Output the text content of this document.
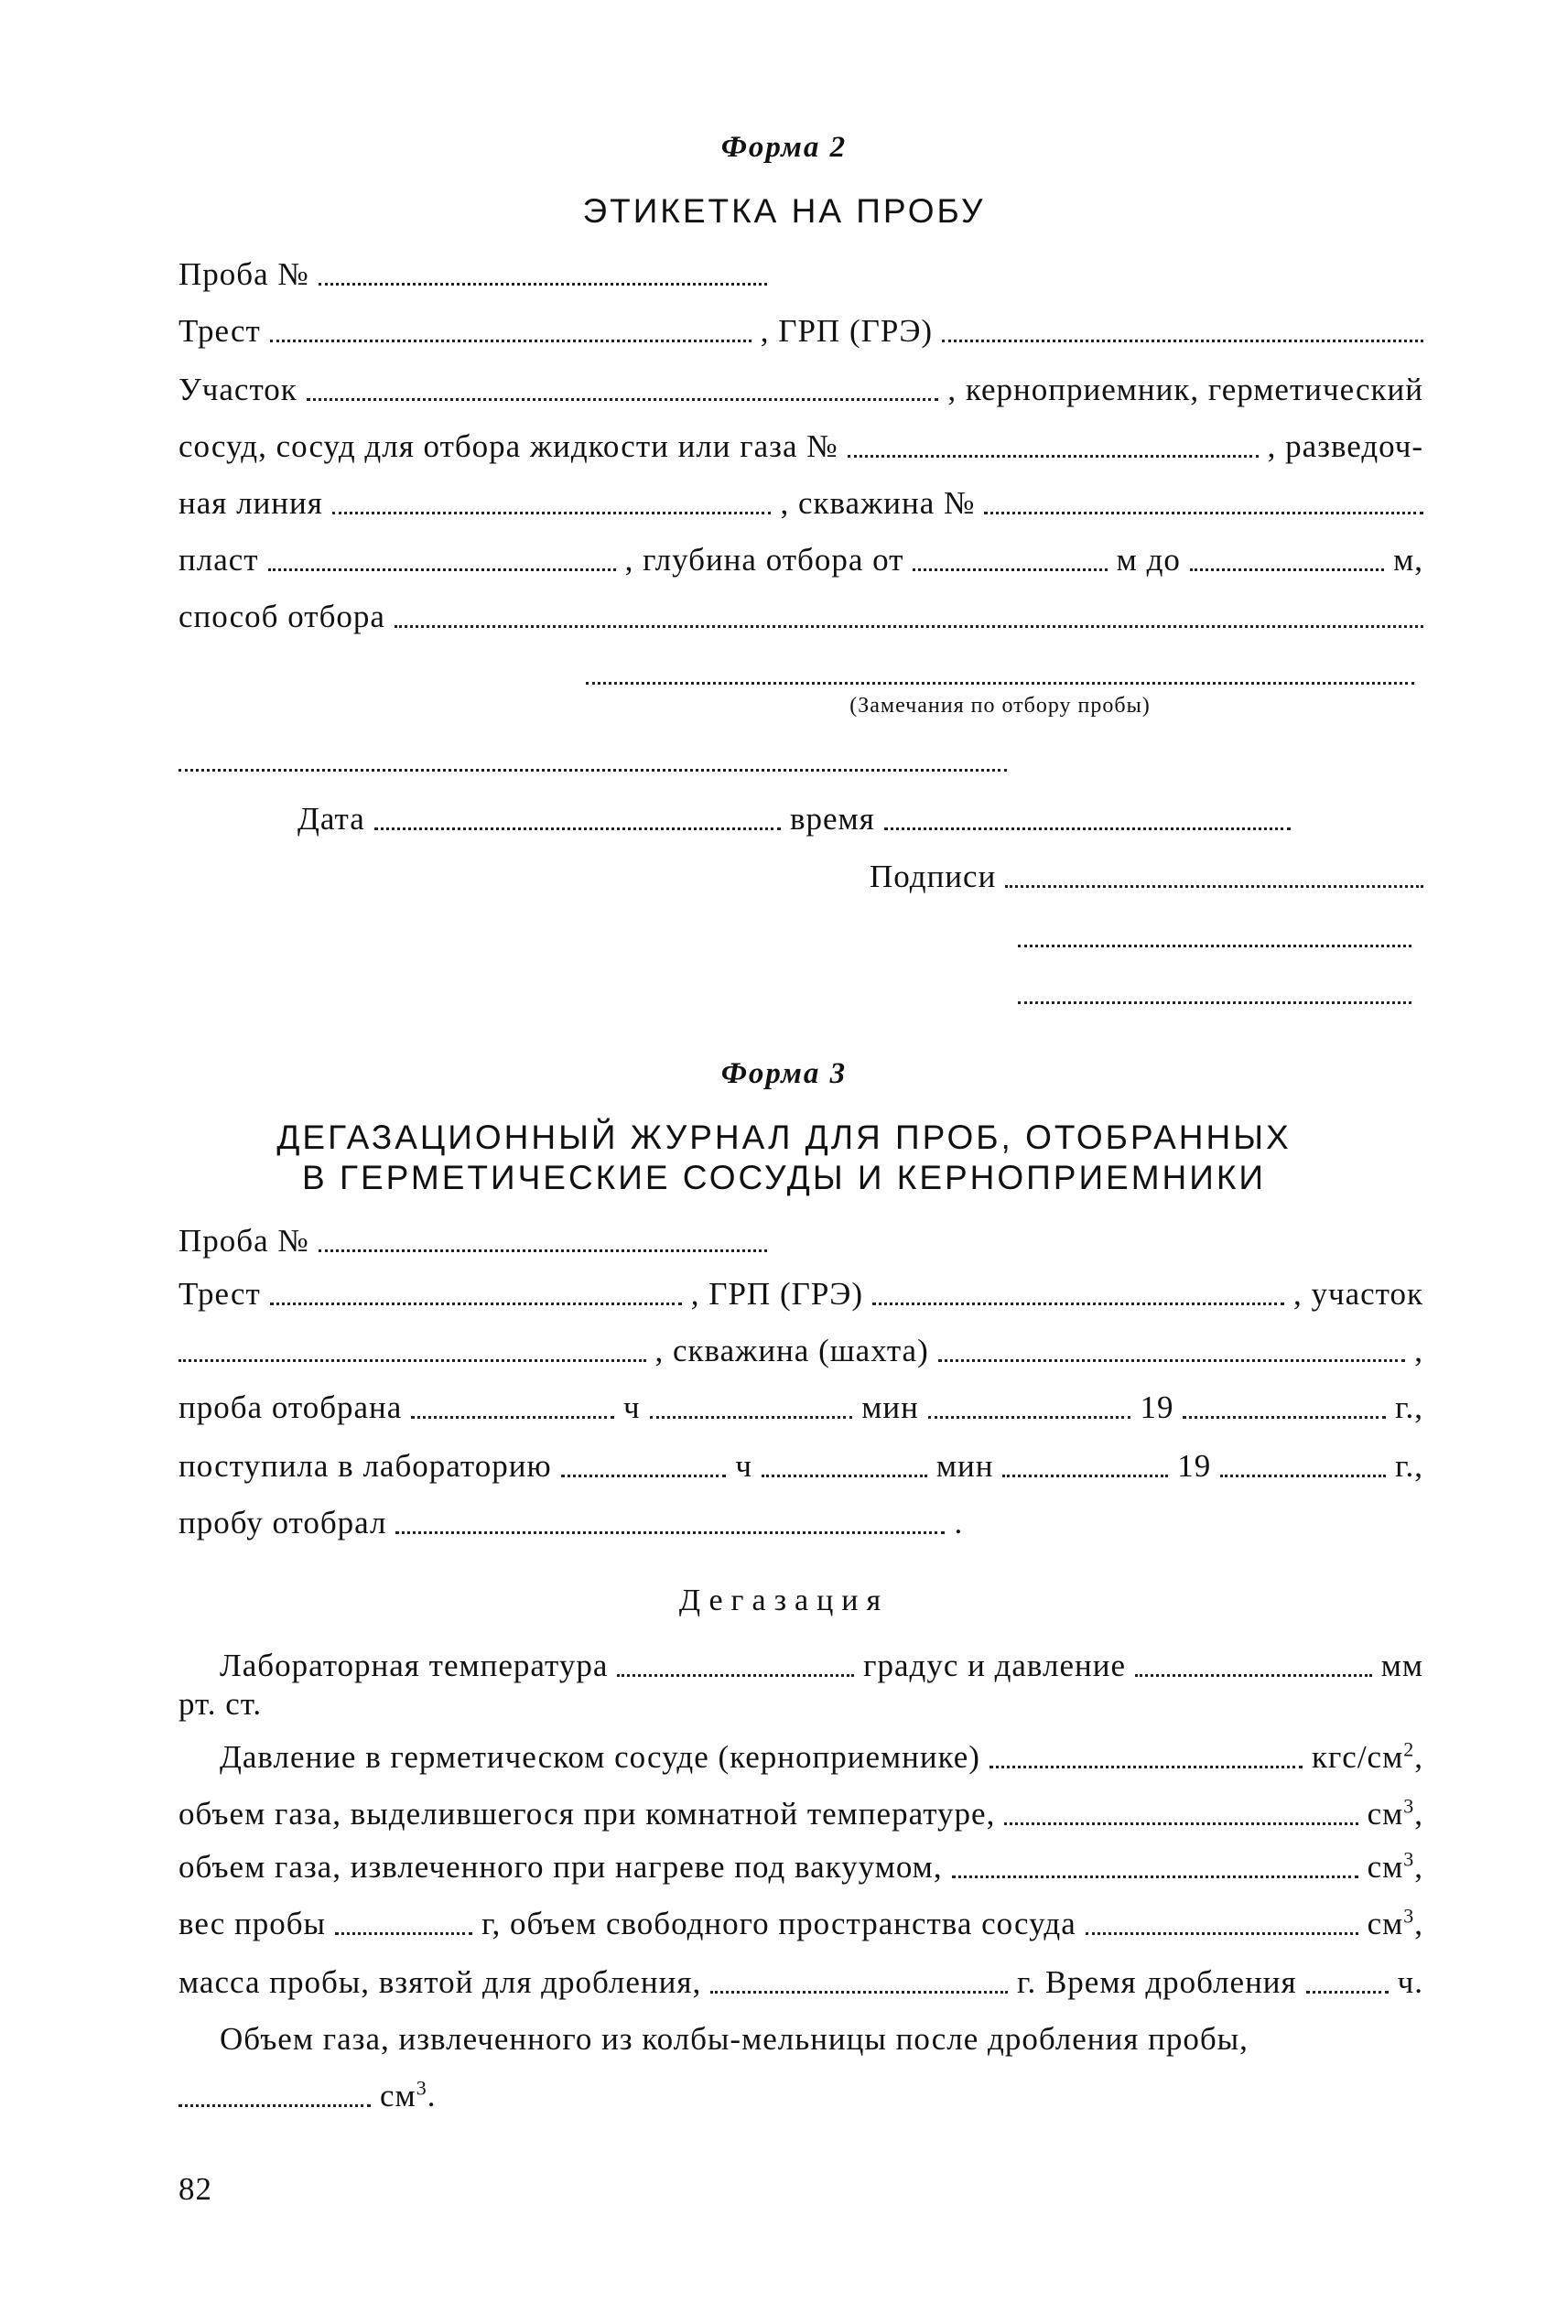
Форма 2
ЭТИКЕТКА НА ПРОБУ
Проба №
Трест	, ГРП (ГРЭ)
Участок	, керноприемник, герметический
сосуд, сосуд для отбора жидкости или газа №	, разведоч-
ная линия	, скважина №
пласт	, глубина отбора от	м до	м,
способ отбора
(Замечания по отбору пробы)
Дата	время
Подписи
Форма 3
ДЕГАЗАЦИОННЫЙ ЖУРНАЛ ДЛЯ ПРОБ, ОТОБРАННЫХ
В ГЕРМЕТИЧЕСКИЕ СОСУДЫ И КЕРНОПРИЕМНИКИ
Проба №
Трест	, ГРП (ГРЭ)	, участок
, скважина (шахта)	,
проба отобрана	ч	мин	19	г.,
поступила в лабораторию	ч	мин	19	г.,
пробу отобрал	.
Дегазация
Лабораторная температура	градус и давление	мм
рт. ст.
Давление в герметическом сосуде (керноприемнике)	кгс/$см^2$,
объем газа, выделившегося при комнатной температуре,	$см^3$,
объем газа, извлеченного при нагреве под вакуумом,	$см^3$,
вес пробы	г, объем свободного пространства сосуда	$см^3$,
масса пробы, взятой для дробления,	г. Время дробления	ч.
Объем газа, извлеченного из колбы-мельницы после дробления пробы,
$см^3$.
82
